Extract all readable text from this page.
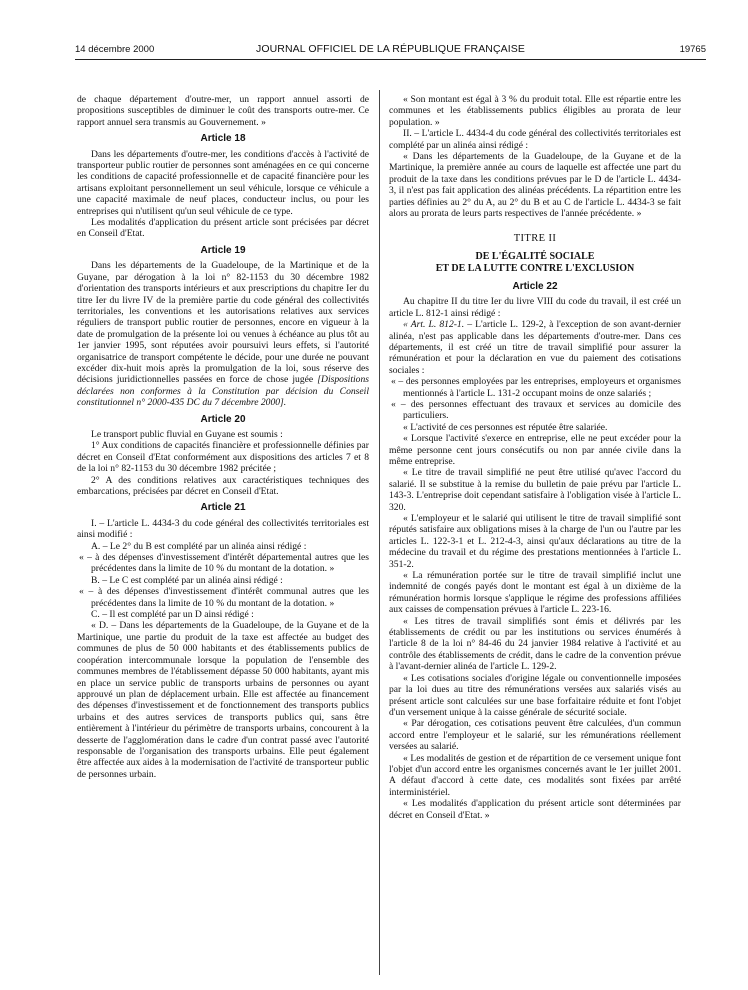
14 décembre 2000	JOURNAL OFFICIEL DE LA RÉPUBLIQUE FRANÇAISE	19765

de chaque département d'outre-mer, un rapport annuel assorti de propositions susceptibles de diminuer le coût des transports outre-mer. Ce rapport annuel sera transmis au Gouvernement. »

Article 18

Dans les départements d'outre-mer, les conditions d'accès à l'activité de transporteur public routier de personnes sont aménagées en ce qui concerne les conditions de capacité professionnelle et de capacité financière pour les artisans exploitant personnellement un seul véhicule, lorsque ce véhicule a une capacité maximale de neuf places, conducteur inclus, ou pour les entreprises qui n'utilisent qu'un seul véhicule de ce type.

Les modalités d'application du présent article sont précisées par décret en Conseil d'Etat.

Article 19

Dans les départements de la Guadeloupe, de la Martinique et de la Guyane, par dérogation à la loi n° 82-1153 du 30 décembre 1982 d'orientation des transports intérieurs et aux prescriptions du chapitre Ier du titre Ier du livre IV de la première partie du code général des collectivités territoriales, les conventions et les autorisations relatives aux services réguliers de transport public routier de personnes, encore en vigueur à la date de promulgation de la présente loi ou venues à échéance au plus tôt au 1er janvier 1995, sont réputées avoir poursuivi leurs effets, si l'autorité organisatrice de transport compétente le décide, pour une durée ne pouvant excéder dix-huit mois après la promulgation de la loi, sous réserve des décisions juridictionnelles passées en force de chose jugée [Dispositions déclarées non conformes à la Constitution par décision du Conseil constitutionnel n° 2000-435 DC du 7 décembre 2000].

Article 20

Le transport public fluvial en Guyane est soumis :

1° Aux conditions de capacités financière et professionnelle définies par décret en Conseil d'Etat conformément aux dispositions des articles 7 et 8 de la loi n° 82-1153 du 30 décembre 1982 précitée ;

2° A des conditions relatives aux caractéristiques techniques des embarcations, précisées par décret en Conseil d'Etat.

Article 21

I. – L'article L. 4434-3 du code général des collectivités territoriales est ainsi modifié :

A. – Le 2° du B est complété par un alinéa ainsi rédigé :

« – à des dépenses d'investissement d'intérêt départemental autres que les précédentes dans la limite de 10 % du montant de la dotation. »

B. – Le C est complété par un alinéa ainsi rédigé :

« – à des dépenses d'investissement d'intérêt communal autres que les précédentes dans la limite de 10 % du montant de la dotation. »

C. – Il est complété par un D ainsi rédigé :

« D. – Dans les départements de la Guadeloupe, de la Guyane et de la Martinique, une partie du produit de la taxe est affectée au budget des communes de plus de 50 000 habitants et des établissements publics de coopération intercommunale lorsque la population de l'ensemble des communes membres de l'établissement dépasse 50 000 habitants, ayant mis en place un service public de transports urbains de personnes ou ayant approuvé un plan de déplacement urbain. Elle est affectée au financement des dépenses d'investissement et de fonctionnement des transports publics urbains et des autres services de transports publics qui, sans être entièrement à l'intérieur du périmètre de transports urbains, concourent à la desserte de l'agglomération dans le cadre d'un contrat passé avec l'autorité responsable de l'organisation des transports urbains. Elle peut également être affectée aux aides à la modernisation de l'activité de transporteur public de personnes urbain.

« Son montant est égal à 3 % du produit total. Elle est répartie entre les communes et les établissements publics éligibles au prorata de leur population. »

II. – L'article L. 4434-4 du code général des collectivités territoriales est complété par un alinéa ainsi rédigé :

« Dans les départements de la Guadeloupe, de la Guyane et de la Martinique, la première année au cours de laquelle est affectée une part du produit de la taxe dans les conditions prévues par le D de l'article L. 4434-3, il n'est pas fait application des alinéas précédents. La répartition entre les parties définies au 2° du A, au 2° du B et au C de l'article L. 4434-3 se fait alors au prorata de leurs parts respectives de l'année précédente. »

TITRE II
DE L'ÉGALITÉ SOCIALE
ET DE LA LUTTE CONTRE L'EXCLUSION
Article 22

Au chapitre II du titre Ier du livre VIII du code du travail, il est créé un article L. 812-1 ainsi rédigé :

« Art. L. 812-1. – L'article L. 129-2, à l'exception de son avant-dernier alinéa, n'est pas applicable dans les départements d'outre-mer. Dans ces départements, il est créé un titre de travail simplifié pour assurer la rémunération et pour la déclaration en vue du paiement des cotisations sociales :

« – des personnes employées par les entreprises, employeurs et organismes mentionnés à l'article L. 131-2 occupant moins de onze salariés ;

« – des personnes effectuant des travaux et services au domicile des particuliers.

« L'activité de ces personnes est réputée être salariée.

« Lorsque l'activité s'exerce en entreprise, elle ne peut excéder pour la même personne cent jours consécutifs ou non par année civile dans la même entreprise.

« Le titre de travail simplifié ne peut être utilisé qu'avec l'accord du salarié. Il se substitue à la remise du bulletin de paie prévu par l'article L. 143-3. L'entreprise doit cependant satisfaire à l'obligation visée à l'article L. 320.

« L'employeur et le salarié qui utilisent le titre de travail simplifié sont réputés satisfaire aux obligations mises à la charge de l'un ou l'autre par les articles L. 122-3-1 et L. 212-4-3, ainsi qu'aux déclarations au titre de la médecine du travail et du régime des prestations mentionnées à l'article L. 351-2.

« La rémunération portée sur le titre de travail simplifié inclut une indemnité de congés payés dont le montant est égal à un dixième de la rémunération hormis lorsque s'applique le régime des professions affiliées aux caisses de compensation prévues à l'article L. 223-16.

« Les titres de travail simplifiés sont émis et délivrés par les établissements de crédit ou par les institutions ou services énumérés à l'article 8 de la loi n° 84-46 du 24 janvier 1984 relative à l'activité et au contrôle des établissements de crédit, dans le cadre de la convention prévue à l'avant-dernier alinéa de l'article L. 129-2.

« Les cotisations sociales d'origine légale ou conventionnelle imposées par la loi dues au titre des rémunérations versées aux salariés visés au présent article sont calculées sur une base forfaitaire réduite et font l'objet d'un versement unique à la caisse générale de sécurité sociale.

« Par dérogation, ces cotisations peuvent être calculées, d'un commun accord entre l'employeur et le salarié, sur les rémunérations réellement versées au salarié.

« Les modalités de gestion et de répartition de ce versement unique font l'objet d'un accord entre les organismes concernés avant le 1er juillet 2001. A défaut d'accord à cette date, ces modalités sont fixées par arrêté interministériel.

« Les modalités d'application du présent article sont déterminées par décret en Conseil d'Etat. »
